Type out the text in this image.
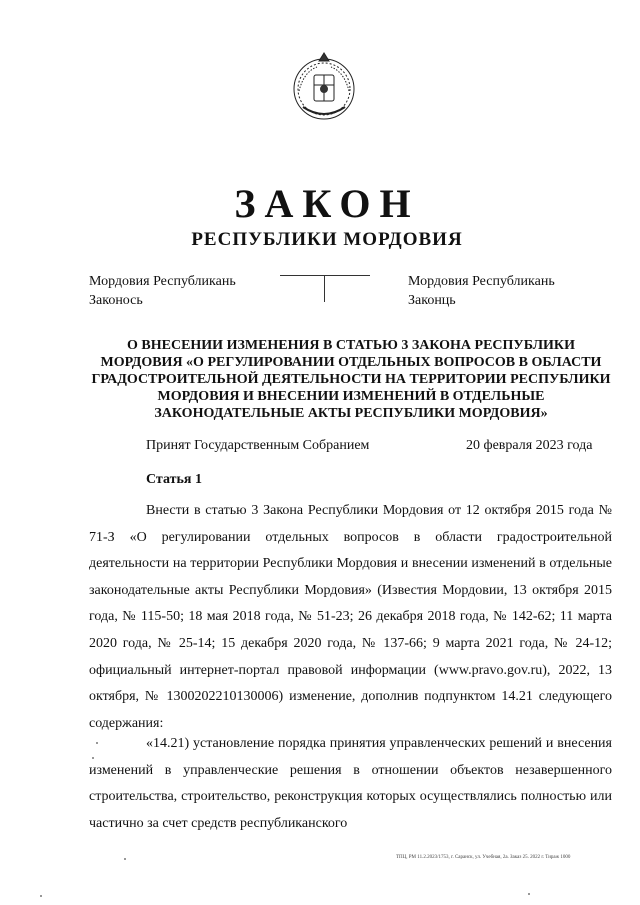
ЗАКОН
РЕСПУБЛИКИ МОРДОВИЯ
Мордовия Республикань
Законось
Мордовия Республикань
Законць
О ВНЕСЕНИИ ИЗМЕНЕНИЯ В СТАТЬЮ 3 ЗАКОНА РЕСПУБЛИКИ МОРДОВИЯ «О РЕГУЛИРОВАНИИ ОТДЕЛЬНЫХ ВОПРОСОВ В ОБЛАСТИ ГРАДОСТРОИТЕЛЬНОЙ ДЕЯТЕЛЬНОСТИ НА ТЕРРИТОРИИ РЕСПУБЛИКИ МОРДОВИЯ И ВНЕСЕНИИ ИЗМЕНЕНИЙ В ОТДЕЛЬНЫЕ ЗАКОНОДАТЕЛЬНЫЕ АКТЫ РЕСПУБЛИКИ МОРДОВИЯ»
Принят Государственным Собранием	20 февраля 2023 года
Статья 1

Внести в статью 3 Закона Республики Мордовия от 12 октября 2015 года № 71-З «О регулировании отдельных вопросов в области градостроительной деятельности на территории Республики Мордовия и внесении изменений в отдельные законодательные акты Республики Мордовия» (Известия Мордовии, 13 октября 2015 года, № 115-50; 18 мая 2018 года, № 51-23; 26 декабря 2018 года, № 142-62; 11 марта 2020 года, № 25-14; 15 декабря 2020 года, № 137-66; 9 марта 2021 года, № 24-12; официальный интернет-портал правовой информации (www.pravo.gov.ru), 2022, 13 октября, № 1300202210130006) изменение, дополнив подпунктом 14.21 следующего содержания:

«14.21) установление порядка принятия управленческих решений и внесения изменений в управленческие решения в отношении объектов незавершенного строительства, строительство, реконструкция которых осуществлялись полностью или частично за счет средств республиканского

ТПЦ, РМ 11.2.2023/1753, г. Саранск, ул. Учебная, 2а. Заказ 25. 2022 г. Тираж 1000
